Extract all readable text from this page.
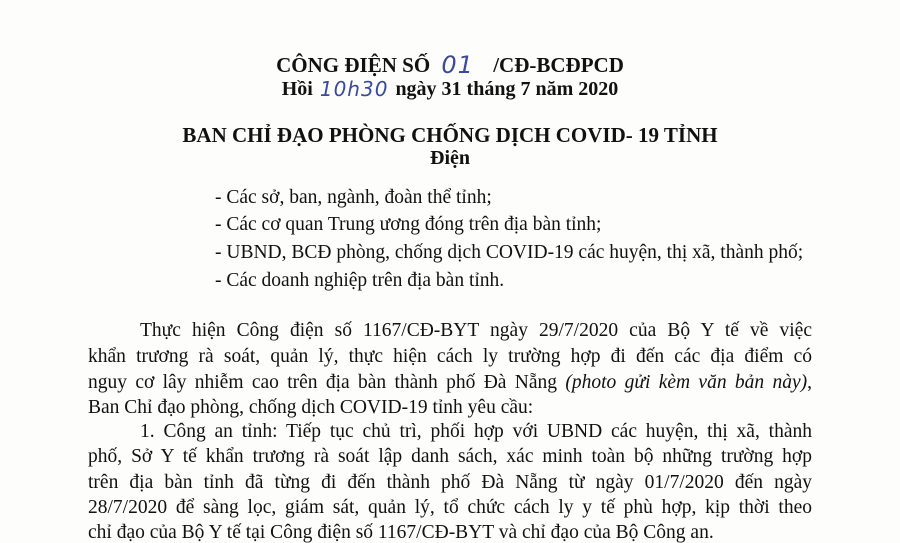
CÔNG ĐIỆN SỐ 01 /CĐ-BCĐPCD
Hồi 10h30 ngày 31 tháng 7 năm 2020
BAN CHỈ ĐẠO PHÒNG CHỐNG DỊCH COVID- 19 TỈNH
Điện
- Các sở, ban, ngành, đoàn thể tỉnh;
- Các cơ quan Trung ương đóng trên địa bàn tỉnh;
- UBND, BCĐ phòng, chống dịch COVID-19 các huyện, thị xã, thành phố;
- Các doanh nghiệp trên địa bàn tỉnh.
Thực hiện Công điện số 1167/CĐ-BYT ngày 29/7/2020 của Bộ Y tế về việc
khẩn trương rà soát, quản lý, thực hiện cách ly trường hợp đi đến các địa điểm có
nguy cơ lây nhiễm cao trên địa bàn thành phố Đà Nẵng (photo gửi kèm văn bản này),
Ban Chỉ đạo phòng, chống dịch COVID-19 tỉnh yêu cầu:
1. Công an tỉnh: Tiếp tục chủ trì, phối hợp với UBND các huyện, thị xã, thành
phố, Sở Y tế khẩn trương rà soát lập danh sách, xác minh toàn bộ những trường hợp
trên địa bàn tỉnh đã từng đi đến thành phố Đà Nẵng từ ngày 01/7/2020 đến ngày
28/7/2020 để sàng lọc, giám sát, quản lý, tổ chức cách ly y tế phù hợp, kịp thời theo
chỉ đạo của Bộ Y tế tại Công điện số 1167/CĐ-BYT và chỉ đạo của Bộ Công an.
